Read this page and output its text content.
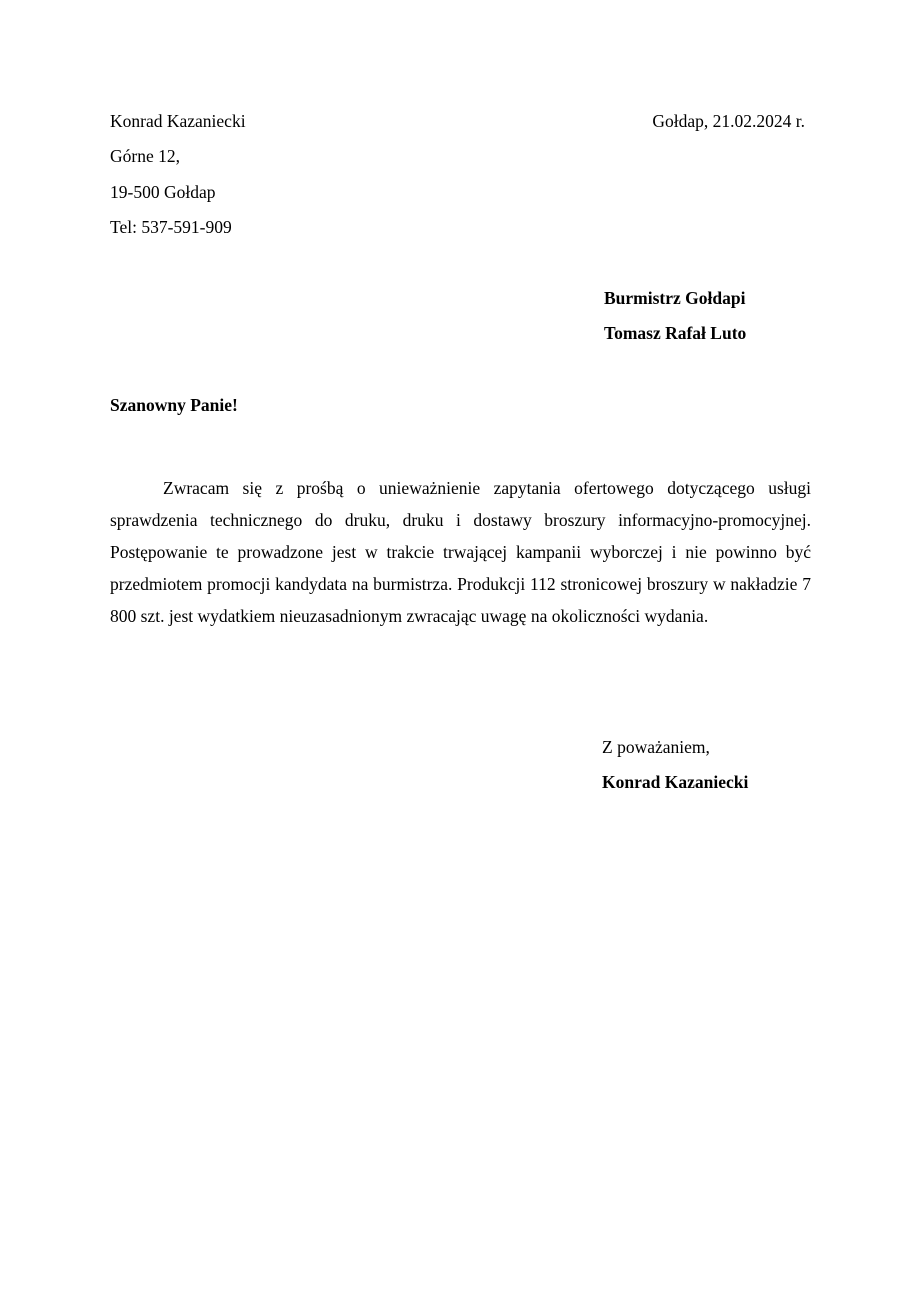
Konrad Kazaniecki
Górne 12,
19-500 Gołdap
Tel: 537-591-909
Gołdap, 21.02.2024 r.
Burmistrz Gołdapi
Tomasz Rafał Luto
Szanowny Panie!

Zwracam się z prośbą o unieważnienie zapytania ofertowego dotyczącego usługi sprawdzenia technicznego do druku, druku i dostawy broszury informacyjno-promocyjnej. Postępowanie te prowadzone jest w trakcie trwającej kampanii wyborczej i nie powinno być przedmiotem promocji kandydata na burmistrza. Produkcji 112 stronicowej broszury w nakładzie 7 800 szt. jest wydatkiem nieuzasadnionym zwracając uwagę na okoliczności wydania.

Z poważaniem,
Konrad Kazaniecki
